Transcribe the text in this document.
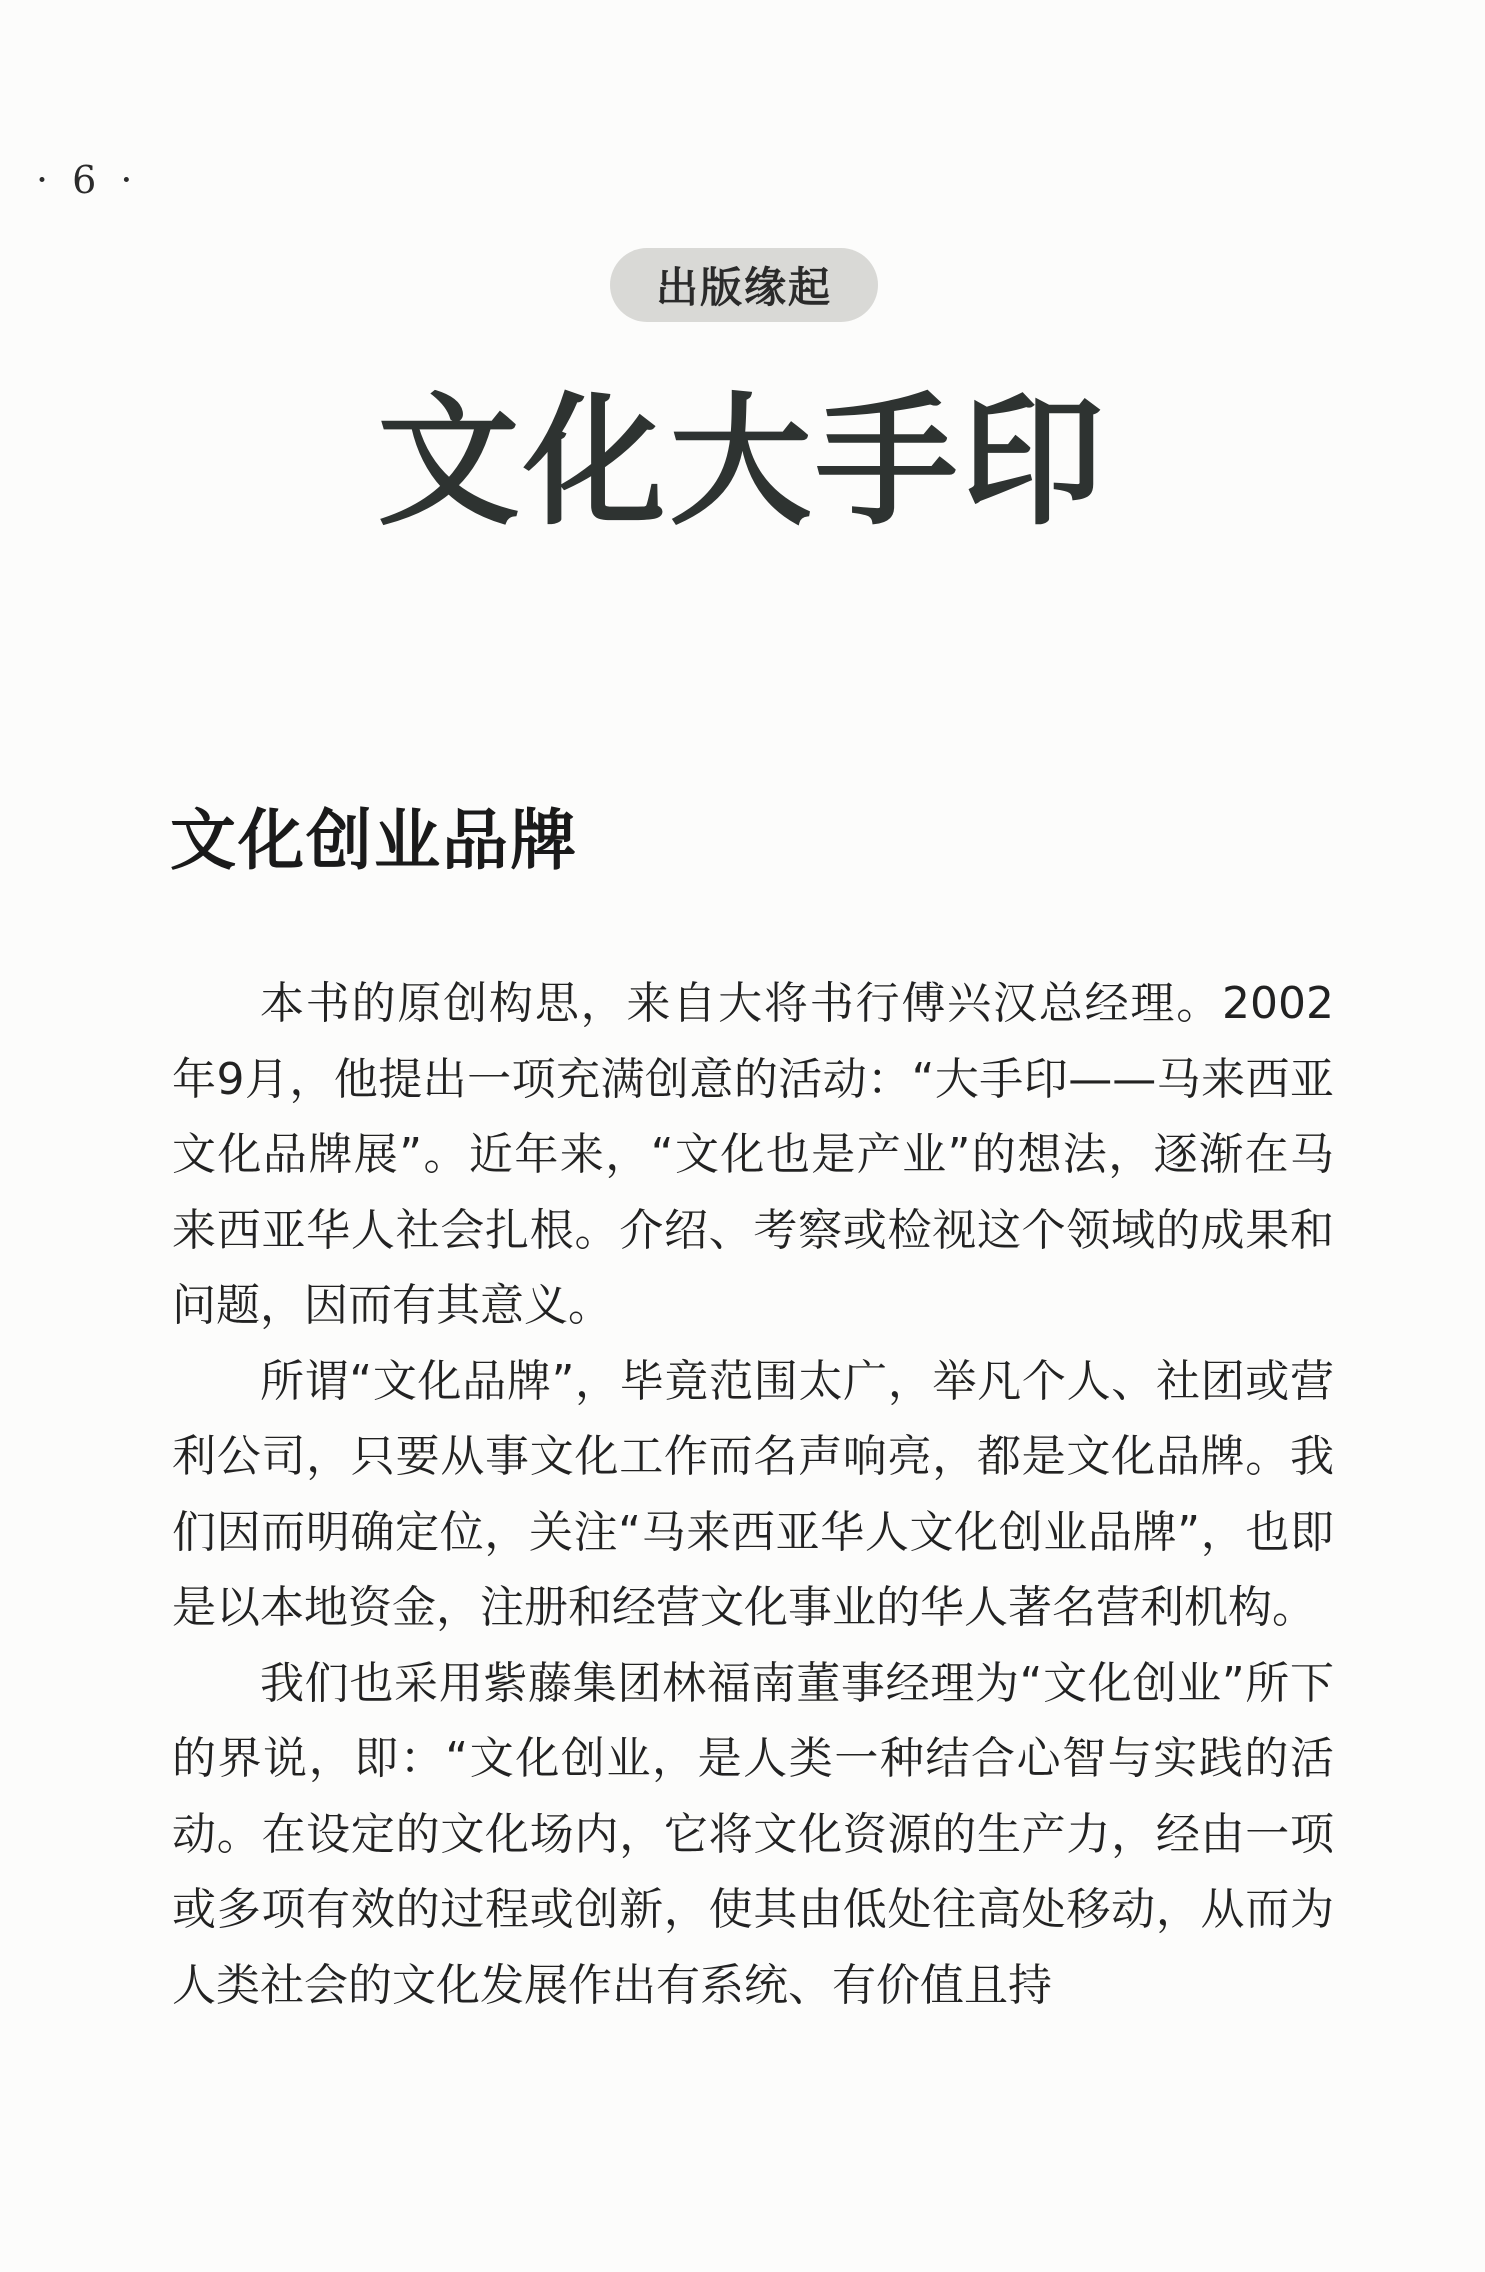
· 6 ·
出版缘起
文化大手印
文化创业品牌

本书的原创构思，来自大将书行傅兴汉总经理。2002年9月，他提出一项充满创意的活动：“大手印——马来西亚文化品牌展”。近年来，“文化也是产业”的想法，逐渐在马来西亚华人社会扎根。介绍、考察或检视这个领域的成果和问题，因而有其意义。

所谓“文化品牌”，毕竟范围太广，举凡个人、社团或营利公司，只要从事文化工作而名声响亮，都是文化品牌。我们因而明确定位，关注“马来西亚华人文化创业品牌”，也即是以本地资金，注册和经营文化事业的华人著名营利机构。

我们也采用紫藤集团林福南董事经理为“文化创业”所下的界说，即：“文化创业，是人类一种结合心智与实践的活动。在设定的文化场内，它将文化资源的生产力，经由一项或多项有效的过程或创新，使其由低处往高处移动，从而为人类社会的文化发展作出有系统、有价值且持
